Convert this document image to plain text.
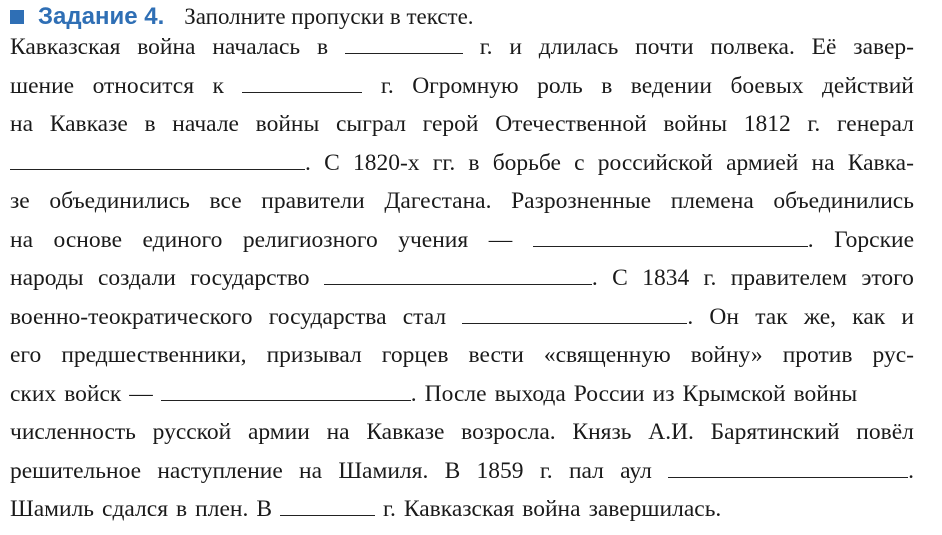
Задание 4. Заполните пропуски в тексте.
Кавказская война началась в	г. и длилась почти полвека. Её завер-
шение относится к	г. Огромную роль в ведении боевых действий
на Кавказе в начале войны сыграл герой Отечественной войны 1812 г. генерал
. С 1820-х гг. в борьбе с российской армией на Кавка-
зе объединились все правители Дагестана. Разрозненные племена объединились
на основе единого религиозного учения —	. Горские
народы создали государство	. С 1834 г. правителем этого
военно-теократического государства стал	. Он так же, как и
его предшественники, призывал горцев вести «священную войну» против рус-
ских войск —	. После выхода России из Крымской войны
численность русской армии на Кавказе возросла. Князь А.И. Барятинский повёл
решительное наступление на Шамиля. В 1859 г. пал аул	.
Шамиль сдался в плен. В	г. Кавказская война завершилась.
